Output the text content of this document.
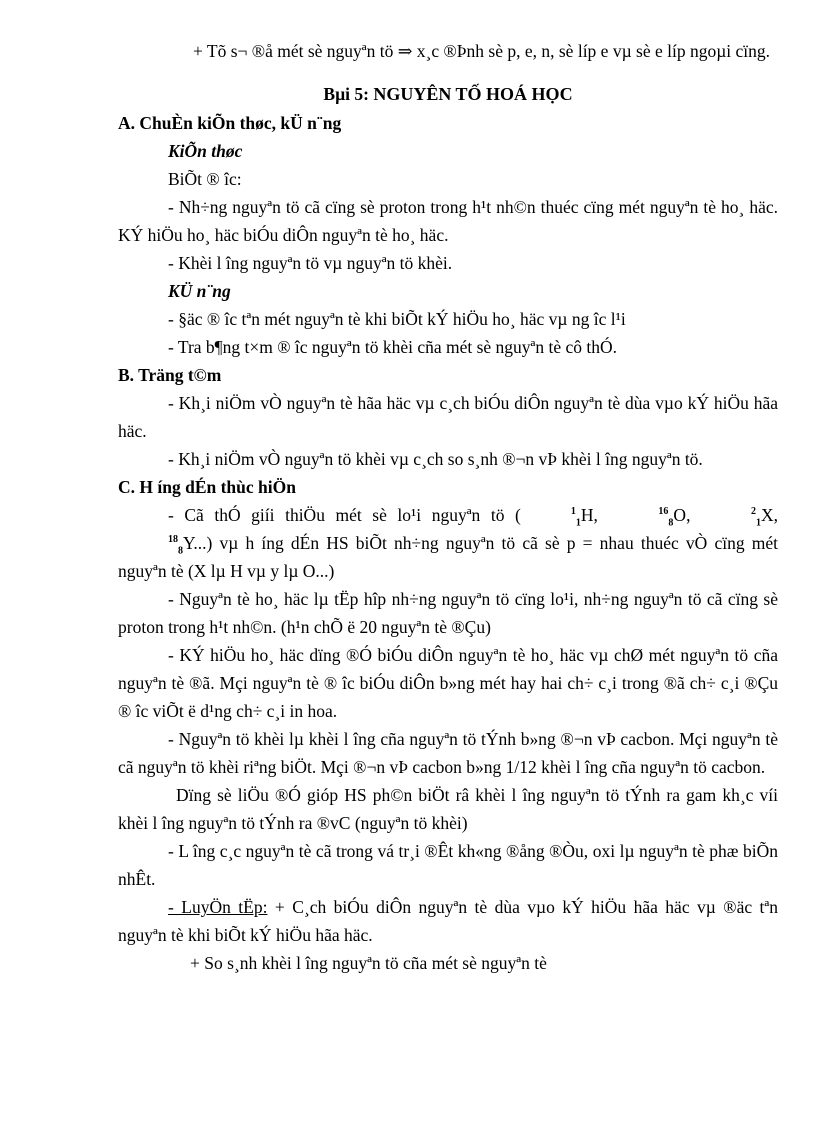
+ Tõ s¬ ®å mét sè nguyªn tö ⇒ x¸c ®Þnh sè p, e, n, sè líp e vµ sè e líp ngoµi cïng.

Bµi 5: NGUYÊN TỐ HOÁ HỌC

A. ChuÈn kiÕn thøc, kÜ n¨ng

KiÕn thøc

BiÕt ® îc:

- Nh÷ng nguyªn tö cã cïng sè proton trong h¹t nh©n thuéc cïng mét nguyªn tè ho¸ häc. KÝ hiÖu ho¸ häc biÓu diÔn nguyªn tè ho¸ häc.

- Khèi l îng nguyªn tö vµ nguyªn tö khèi.

KÜ n¨ng

- §äc ® îc tªn mét nguyªn tè khi biÕt kÝ hiÖu ho¸ häc vµ ng îc l¹i

- Tra b¶ng t×m ® îc nguyªn tö khèi cña mét sè nguyªn tè cô thÓ.

B. Träng t©m

- Kh¸i niÖm vÒ nguyªn tè hãa häc vµ c¸ch biÓu diÔn nguyªn tè dùa vµo kÝ hiÖu hãa häc.

- Kh¸i niÖm vÒ nguyªn tö khèi vµ c¸ch so s¸nh ®¬n vÞ khèi l îng nguyªn tö.

C. H íng dÉn thùc hiÖn

- Cã thÓ giíi thiÖu mét sè lo¹i nguyªn tö (	$^1_1$H,	$^{16}_8$O,	$^2_1$X, $^{18}_8$Y...) vµ h íng dÉn HS biÕt nh÷ng nguyªn tö cã sè p = nhau thuéc vÒ cïng mét nguyªn tè (X lµ H vµ y lµ O...)

- Nguyªn tè ho¸ häc lµ tËp hîp nh÷ng nguyªn tö cïng lo¹i, nh÷ng nguyªn tö cã cïng sè proton trong h¹t nh©n. (h¹n chÕ ë 20 nguyªn tè ®Çu)

- KÝ hiÖu ho¸ häc dïng ®Ó biÓu diÔn nguyªn tè ho¸ häc vµ chØ mét nguyªn tö cña nguyªn tè ®ã. Mçi nguyªn tè ® îc biÓu diÔn b»ng mét hay hai ch÷ c¸i trong ®ã ch÷ c¸i ®Çu ® îc viÕt ë d¹ng ch÷ c¸i in hoa.

- Nguyªn tö khèi lµ khèi l îng cña nguyªn tö tÝnh b»ng ®¬n vÞ cacbon. Mçi nguyªn tè cã nguyªn tö khèi riªng biÖt. Mçi ®¬n vÞ cacbon b»ng 1/12 khèi l îng cña nguyªn tö cacbon.

Dïng sè liÖu ®Ó gióp HS ph©n biÖt râ khèi l îng nguyªn tö tÝnh ra gam kh¸c víi khèi l îng nguyªn tö tÝnh ra ®vC (nguyªn tö khèi)

- L îng c¸c nguyªn tè cã trong vá tr¸i ®Êt kh«ng ®ång ®Òu, oxi lµ nguyªn tè phæ biÕn nhÊt.

- LuyÖn tËp: + C¸ch biÓu diÔn nguyªn tè dùa vµo kÝ hiÖu hãa häc vµ ®äc tªn nguyªn tè khi biÕt kÝ hiÖu hãa häc.

+ So s¸nh khèi l îng nguyªn tö cña mét sè nguyªn tè
